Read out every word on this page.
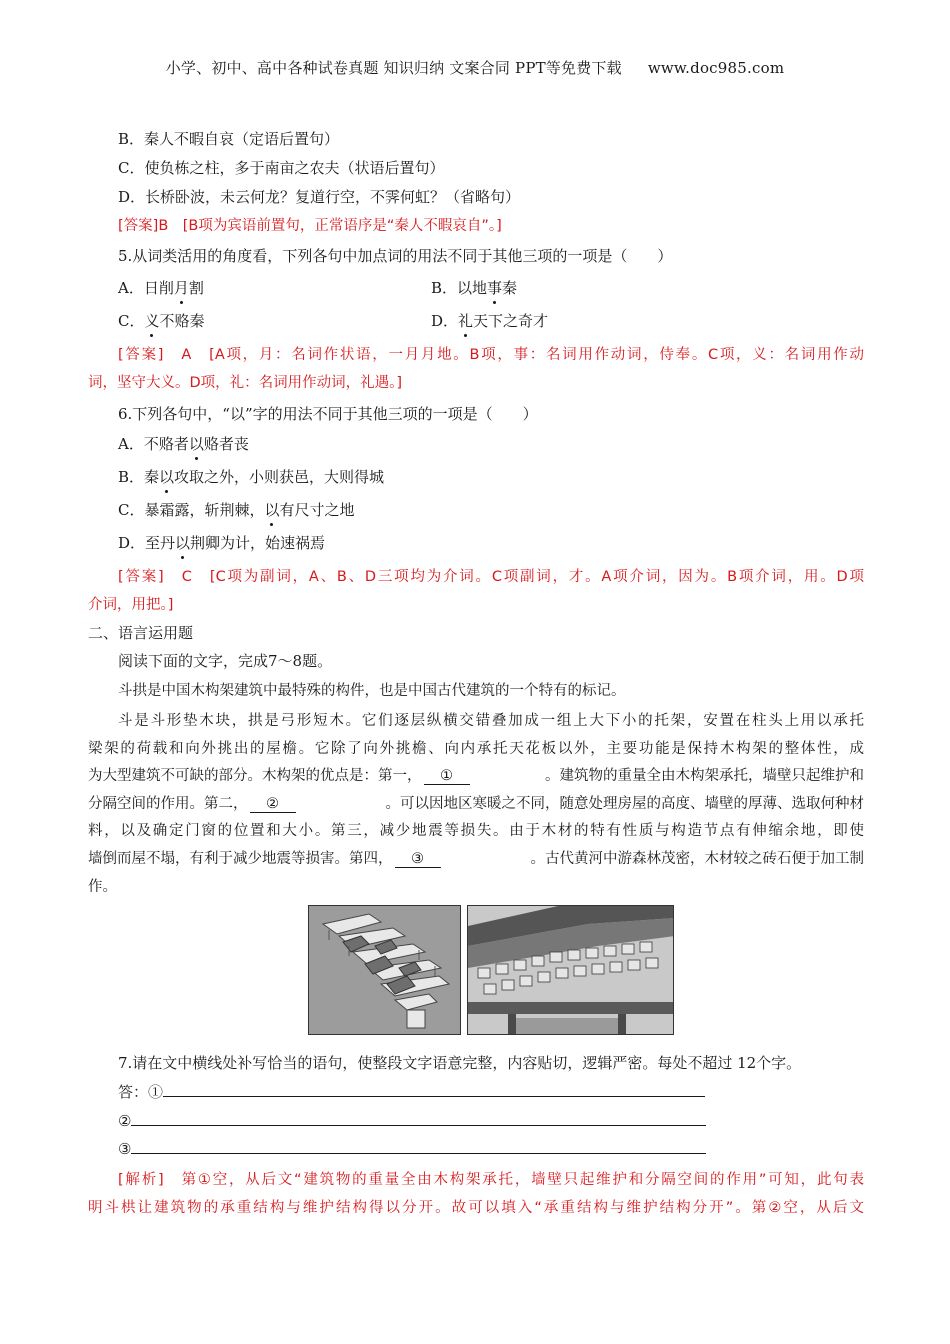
小学、初中、高中各种试卷真题 知识归纳 文案合同 PPT等免费下载 www.doc985.com
B．秦人不暇自哀（定语后置句）
C．使负栋之柱，多于南亩之农夫（状语后置句）
D．长桥卧波，未云何龙？复道行空，不霁何虹？（省略句）
[答案]B　[B项为宾语前置句，正常语序是“秦人不暇哀自”。]
5.从词类活用的角度看，下列各句中加点词的用法不同于其他三项的一项是（　　）
A．日削月割	B．以地事秦
C．义不赂秦	D．礼天下之奇才
[答案]　A　[A项，月：名词作状语，一月月地。B项，事：名词用作动词，侍奉。C项，义：名词用作动
词，坚守大义。D项，礼：名词用作动词，礼遇。]
6.下列各句中，“以”字的用法不同于其他三项的一项是（　　）
A．不赂者以赂者丧
B．秦以攻取之外，小则获邑，大则得城
C．暴霜露，斩荆棘，以有尺寸之地
D．至丹以荆卿为计，始速祸焉
[答案]　C　[C项为副词，A、B、D三项均为介词。C项副词，才。A项介词，因为。B项介词，用。D项
介词，用把。]
二、语言运用题
阅读下面的文字，完成7～8题。
斗拱是中国木构架建筑中最特殊的构件，也是中国古代建筑的一个特有的标记。
斗是斗形垫木块，拱是弓形短木。它们逐层纵横交错叠加成一组上大下小的托架，安置在柱头上用以承托
梁架的荷载和向外挑出的屋檐。它除了向外挑檐、向内承托天花板以外，主要功能是保持木构架的整体性，成
为大型建筑不可缺的部分。木构架的优点是：第一， ①	。建筑物的重量全由木构架承托，墙壁只起维护和
分隔空间的作用。第二， ②	。可以因地区寒暖之不同，随意处理房屋的高度、墙壁的厚薄、选取何种材
料，以及确定门窗的位置和大小。第三，减少地震等损失。由于木材的特有性质与构造节点有伸缩余地，即使
墙倒而屋不塌，有利于减少地震等损害。第四， ③	。古代黄河中游森林茂密，木材较之砖石便于加工制
作。
7.请在文中横线处补写恰当的语句，使整段文字语意完整，内容贴切，逻辑严密。每处不超过 12个字。
答：①
②
③
[解析]　第①空，从后文“建筑物的重量全由木构架承托，墙壁只起维护和分隔空间的作用”可知，此句表
明斗栱让建筑物的承重结构与维护结构得以分开。故可以填入“承重结构与维护结构分开”。第②空，从后文
